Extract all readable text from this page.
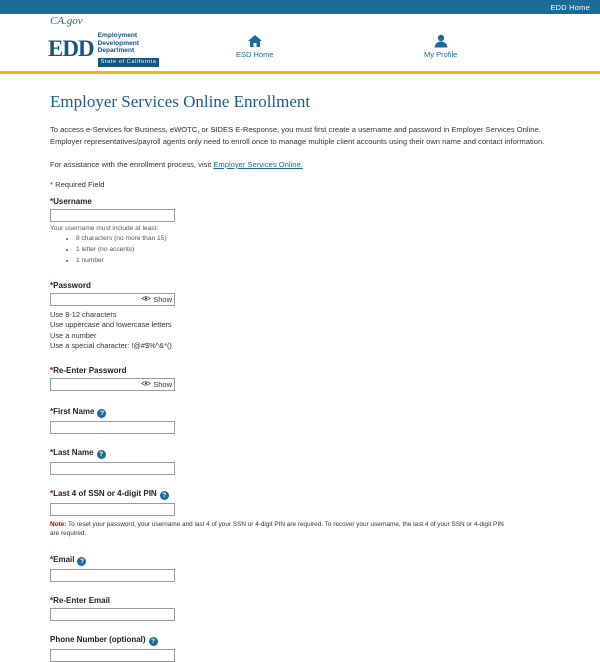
EDD Home
CA.gov
EDD
Employment
Development
Department
State of California
ESD Home	My Profile
Employer Services Online Enrollment

To access e-Services for Business, eWOTC, or SIDES E-Response, you must first create a username and password in Employer Services Online. Employer representatives/payroll agents only need to enroll once to manage multiple client accounts using their own name and contact information.

For assistance with the enrollment process, visit Employer Services Online.

* Required Field
*Username
Your username must include at least:
• 8 characters (no more than 15)
• 1 letter (no accents)
• 1 number
*Password
Show
Use 8-12 characters
Use uppercase and lowercase letters
Use a number
Use a special character: !@#$%^&*()
*Re-Enter Password
Show
*First Name ?
*Last Name ?
*Last 4 of SSN or 4-digit PIN ?
Note: To reset your password, your username and last 4 of your SSN or 4-digit PIN are required. To recover your username, the last 4 of your SSN or 4-digit PIN are required.
*Email ?
*Re-Enter Email
Phone Number (optional) ?
